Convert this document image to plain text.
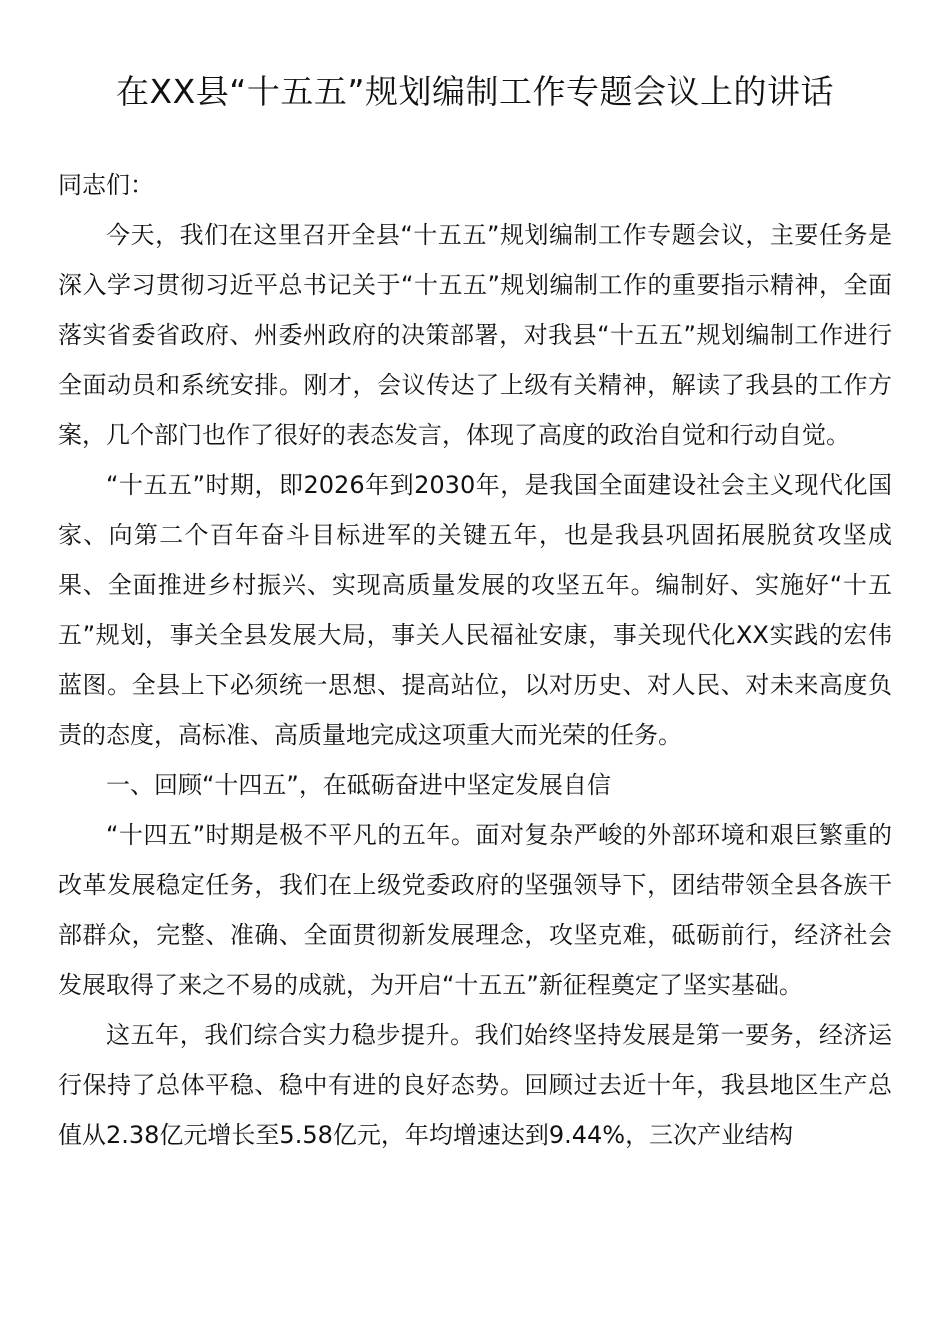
在XX县“十五五”规划编制工作专题会议上的讲话

同志们：

今天，我们在这里召开全县“十五五”规划编制工作专题会议，主要任务是深入学习贯彻习近平总书记关于“十五五”规划编制工作的重要指示精神，全面落实省委省政府、州委州政府的决策部署，对我县“十五五”规划编制工作进行全面动员和系统安排。刚才，会议传达了上级有关精神，解读了我县的工作方案，几个部门也作了很好的表态发言，体现了高度的政治自觉和行动自觉。

“十五五”时期，即2026年到2030年，是我国全面建设社会主义现代化国家、向第二个百年奋斗目标进军的关键五年，也是我县巩固拓展脱贫攻坚成果、全面推进乡村振兴、实现高质量发展的攻坚五年。编制好、实施好“十五五”规划，事关全县发展大局，事关人民福祉安康，事关现代化XX实践的宏伟蓝图。全县上下必须统一思想、提高站位，以对历史、对人民、对未来高度负责的态度，高标准、高质量地完成这项重大而光荣的任务。

一、回顾“十四五”，在砥砺奋进中坚定发展自信

“十四五”时期是极不平凡的五年。面对复杂严峻的外部环境和艰巨繁重的改革发展稳定任务，我们在上级党委政府的坚强领导下，团结带领全县各族干部群众，完整、准确、全面贯彻新发展理念，攻坚克难，砥砺前行，经济社会发展取得了来之不易的成就，为开启“十五五”新征程奠定了坚实基础。

这五年，我们综合实力稳步提升。我们始终坚持发展是第一要务，经济运行保持了总体平稳、稳中有进的良好态势。回顾过去近十年，我县地区生产总值从2.38亿元增长至5.58亿元，年均增速达到9.44%，三次产业结构
